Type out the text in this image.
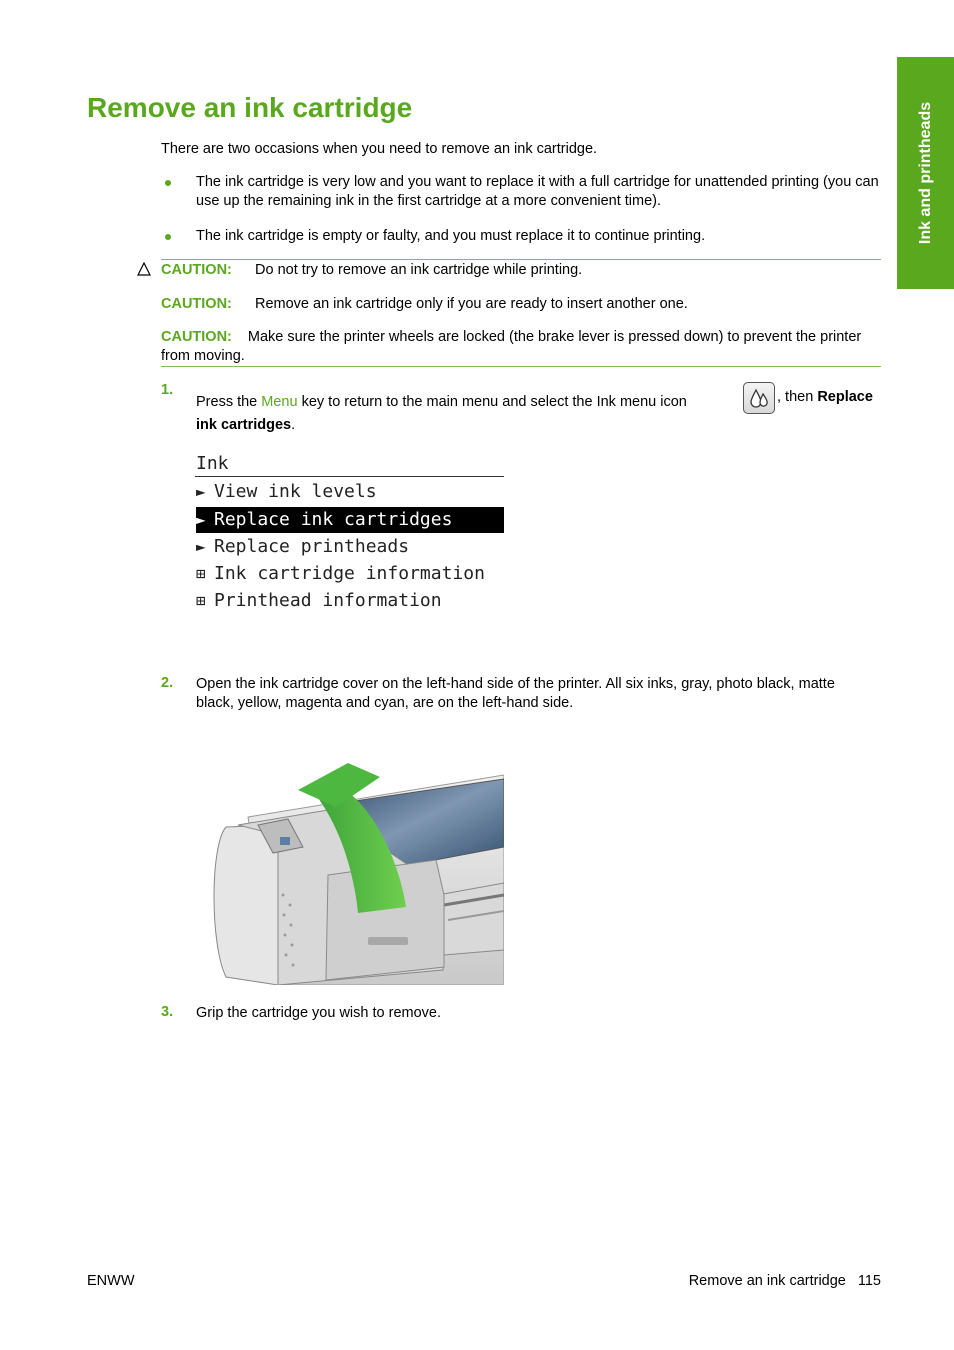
Ink and printheads
Remove an ink cartridge
There are two occasions when you need to remove an ink cartridge.
The ink cartridge is very low and you want to replace it with a full cartridge for unattended printing (you can use up the remaining ink in the first cartridge at a more convenient time).
The ink cartridge is empty or faulty, and you must replace it to continue printing.
CAUTION: Do not try to remove an ink cartridge while printing.
CAUTION: Remove an ink cartridge only if you are ready to insert another one.
CAUTION: Make sure the printer wheels are locked (the brake lever is pressed down) to prevent the printer from moving.
1.
Press the Menu key to return to the main menu and select the Ink menu icon	, then Replace
ink cartridges.
Ink
► View ink levels
► Replace ink cartridges
► Replace printheads
⊞ Ink cartridge information
⊞ Printhead information
2. Open the ink cartridge cover on the left-hand side of the printer. All six inks, gray, photo black, matte black, yellow, magenta and cyan, are on the left-hand side.
3. Grip the cartridge you wish to remove.
ENWW	Remove an ink cartridge 115
